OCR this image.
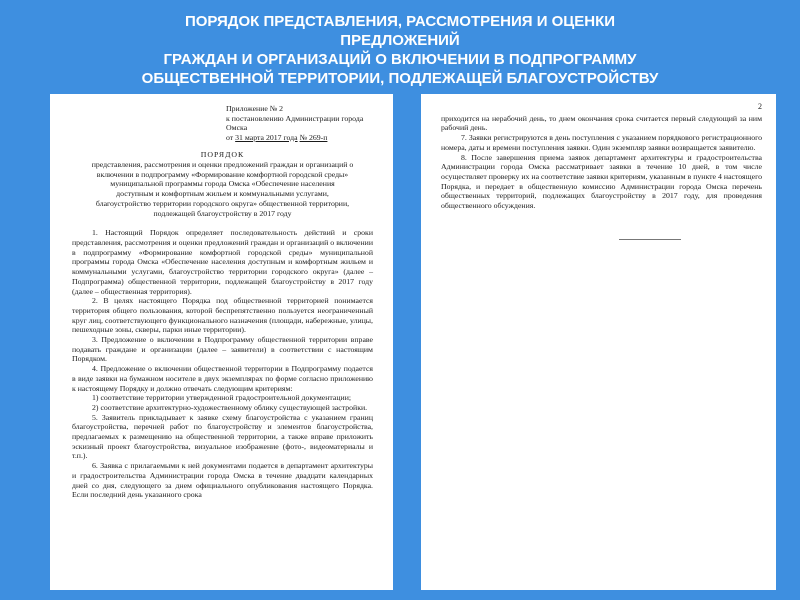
ПОРЯДОК ПРЕДСТАВЛЕНИЯ, РАССМОТРЕНИЯ И ОЦЕНКИ
ПРЕДЛОЖЕНИЙ
ГРАЖДАН И ОРГАНИЗАЦИЙ О ВКЛЮЧЕНИИ В ПОДПРОГРАММУ
ОБЩЕСТВЕННОЙ ТЕРРИТОРИИ, ПОДЛЕЖАЩЕЙ БЛАГОУСТРОЙСТВУ
Приложение № 2
к постановлению Администрации города Омска
от 31 марта 2017 года № 269-п
ПОРЯДОК
представления, рассмотрения и оценки предложений граждан и организаций о
включении в подпрограмму «Формирование комфортной городской среды»
муниципальной программы города Омска «Обеспечение населения
доступным и комфортным жильем и коммунальными услугами,
благоустройство территории городского округа» общественной территории,
подлежащей благоустройству в 2017 году

1. Настоящий Порядок определяет последовательность действий и сроки представления, рассмотрения и оценки предложений граждан и организаций о включении в подпрограмму «Формирование комфортной городской среды» муниципальной программы города Омска «Обеспечение населения доступным и комфортным жильем и коммунальными услугами, благоустройство территории городского округа» (далее – Подпрограмма) общественной территории, подлежащей благоустройству в 2017 году (далее – общественная территория).

2. В целях настоящего Порядка под общественной территорией понимается территория общего пользования, которой беспрепятственно пользуется неограниченный круг лиц, соответствующего функционального назначения (площади, набережные, улицы, пешеходные зоны, скверы, парки иные территории).

3. Предложение о включении в Подпрограмму общественной территории вправе подавать граждане и организации (далее – заявители) в соответствии с настоящим Порядком.

4. Предложение о включении общественной территории в Подпрограмму подается в виде заявки на бумажном носителе в двух экземплярах по форме согласно приложению к настоящему Порядку и должно отвечать следующим критериям:

1) соответствие территории утвержденной градостроительной документации;

2) соответствие архитектурно-художественному облику существующей застройки.

5. Заявитель прикладывает к заявке схему благоустройства с указанием границ благоустройства, перечней работ по благоустройству и элементов благоустройства, предлагаемых к размещению на общественной территории, а также вправе приложить эскизный проект благоустройства, визуальное изображение (фото-, видеоматериалы и т.п.).

6. Заявка с прилагаемыми к ней документами подается в департамент архитектуры и градостроительства Администрации города Омска в течение двадцати календарных дней со дня, следующего за днем официального опубликования настоящего Порядка. Если последний день указанного срока

2

приходится на нерабочий день, то днем окончания срока считается первый следующий за ним рабочий день.

7. Заявки регистрируются в день поступления с указанием порядкового регистрационного номера, даты и времени поступления заявки. Один экземпляр заявки возвращается заявителю.

8. После завершения приема заявок департамент архитектуры и градостроительства Администрации города Омска рассматривает заявки в течение 10 дней, в том числе осуществляет проверку их на соответствие заявки критериям, указанным в пункте 4 настоящего Порядка, и передает в общественную комиссию Администрации города Омска перечень общественных территорий, подлежащих благоустройству в 2017 году, для проведения общественного обсуждения.
